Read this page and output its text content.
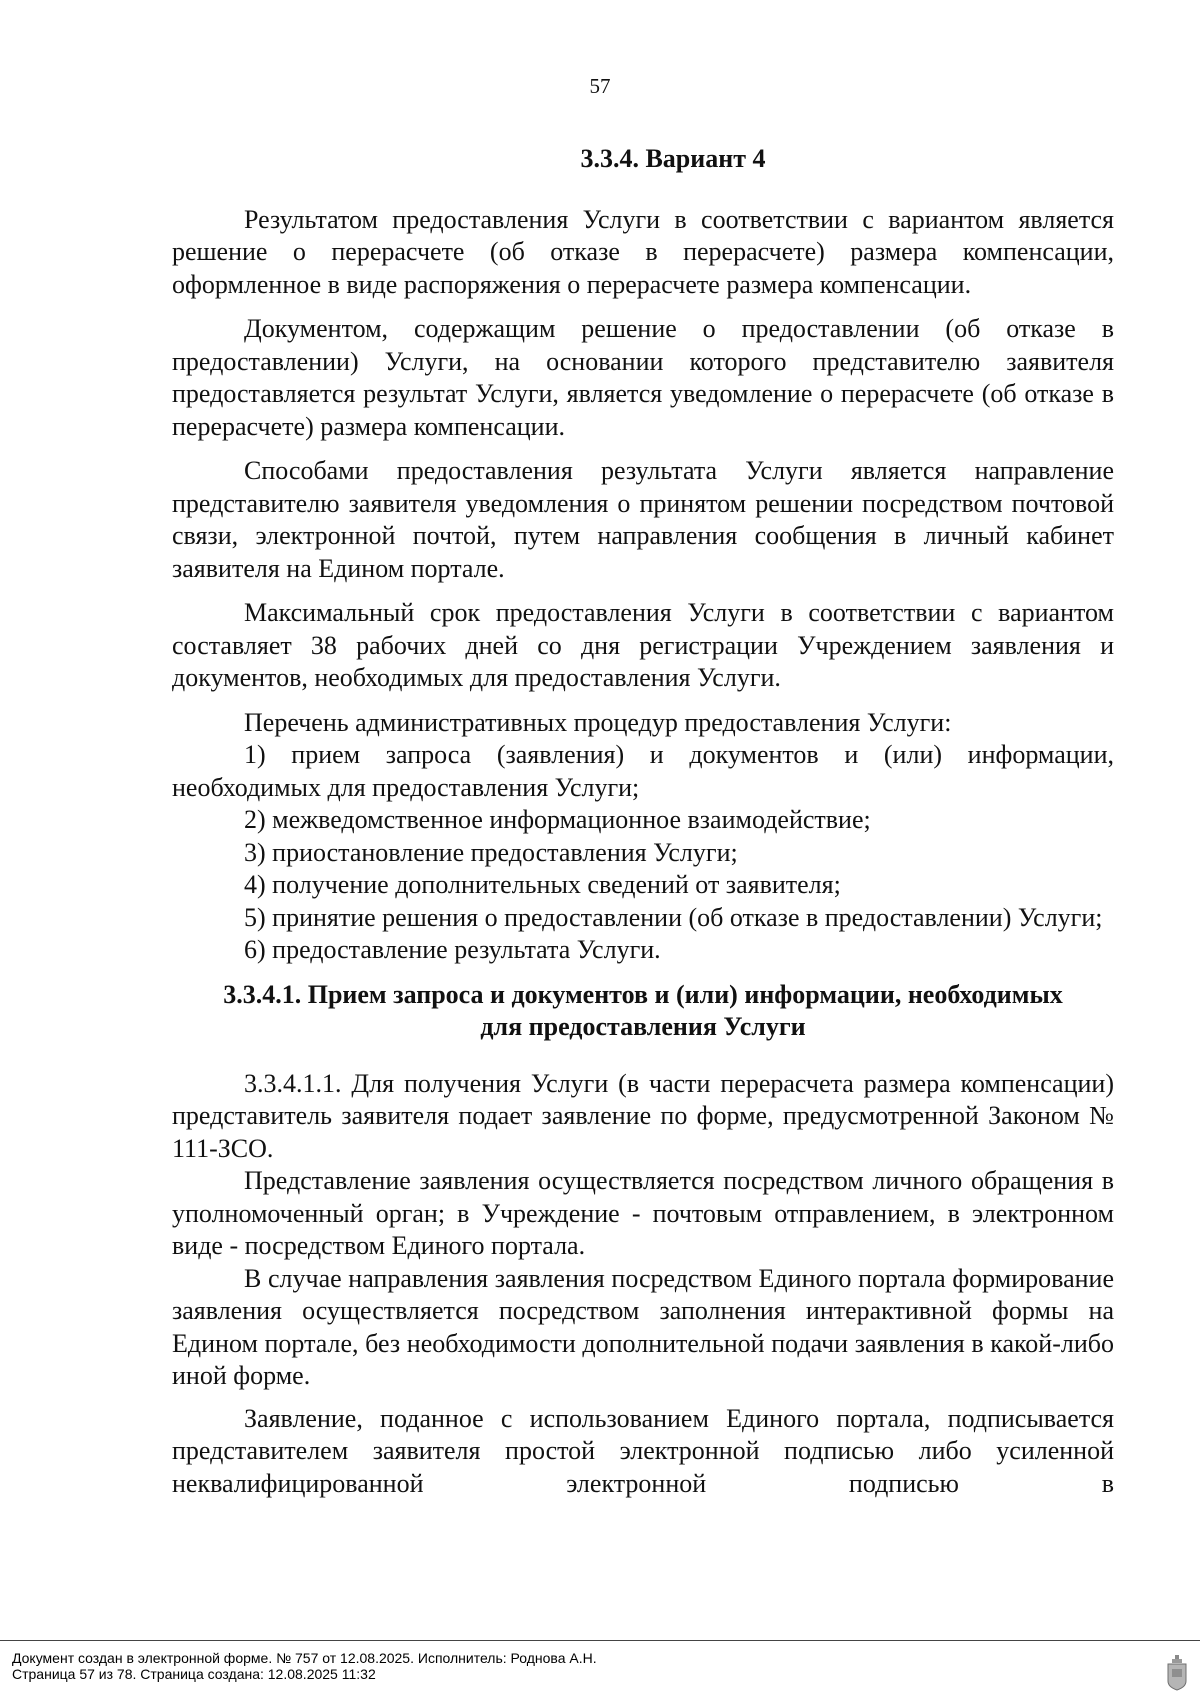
57
3.3.4. Вариант 4

Результатом предоставления Услуги в соответствии с вариантом является решение о перерасчете (об отказе в перерасчете) размера компенсации, оформленное в виде распоряжения о перерасчете размера компенсации.

Документом, содержащим решение о предоставлении (об отказе в предоставлении) Услуги, на основании которого представителю заявителя предоставляется результат Услуги, является уведомление о перерасчете (об отказе в перерасчете) размера компенсации.

Способами предоставления результата Услуги является направление представителю заявителя уведомления о принятом решении посредством почтовой связи, электронной почтой, путем направления сообщения в личный кабинет заявителя на Едином портале.

Максимальный срок предоставления Услуги в соответствии с вариантом составляет 38 рабочих дней со дня регистрации Учреждением заявления и документов, необходимых для предоставления Услуги.

Перечень административных процедур предоставления Услуги:

1) прием запроса (заявления) и документов и (или) информации, необходимых для предоставления Услуги;

2) межведомственное информационное взаимодействие;

3) приостановление предоставления Услуги;

4) получение дополнительных сведений от заявителя;

5) принятие решения о предоставлении (об отказе в предоставлении) Услуги;

6) предоставление результата Услуги.

3.3.4.1. Прием запроса и документов и (или) информации, необходимых
для предоставления Услуги

3.3.4.1.1. Для получения Услуги (в части перерасчета размера компенсации) представитель заявителя подает заявление по форме, предусмотренной Законом № 111-ЗСО.

Представление заявления осуществляется посредством личного обращения в уполномоченный орган; в Учреждение - почтовым отправлением, в электронном виде - посредством Единого портала.

В случае направления заявления посредством Единого портала формирование заявления осуществляется посредством заполнения интерактивной формы на Едином портале, без необходимости дополнительной подачи заявления в какой-либо иной форме.

Заявление, поданное с использованием Единого портала, подписывается представителем заявителя простой электронной подписью либо усиленной неквалифицированной электронной подписью в

Документ создан в электронной форме. № 757 от 12.08.2025. Исполнитель: Роднова А.Н.
Страница 57 из 78. Страница создана: 12.08.2025 11:32
